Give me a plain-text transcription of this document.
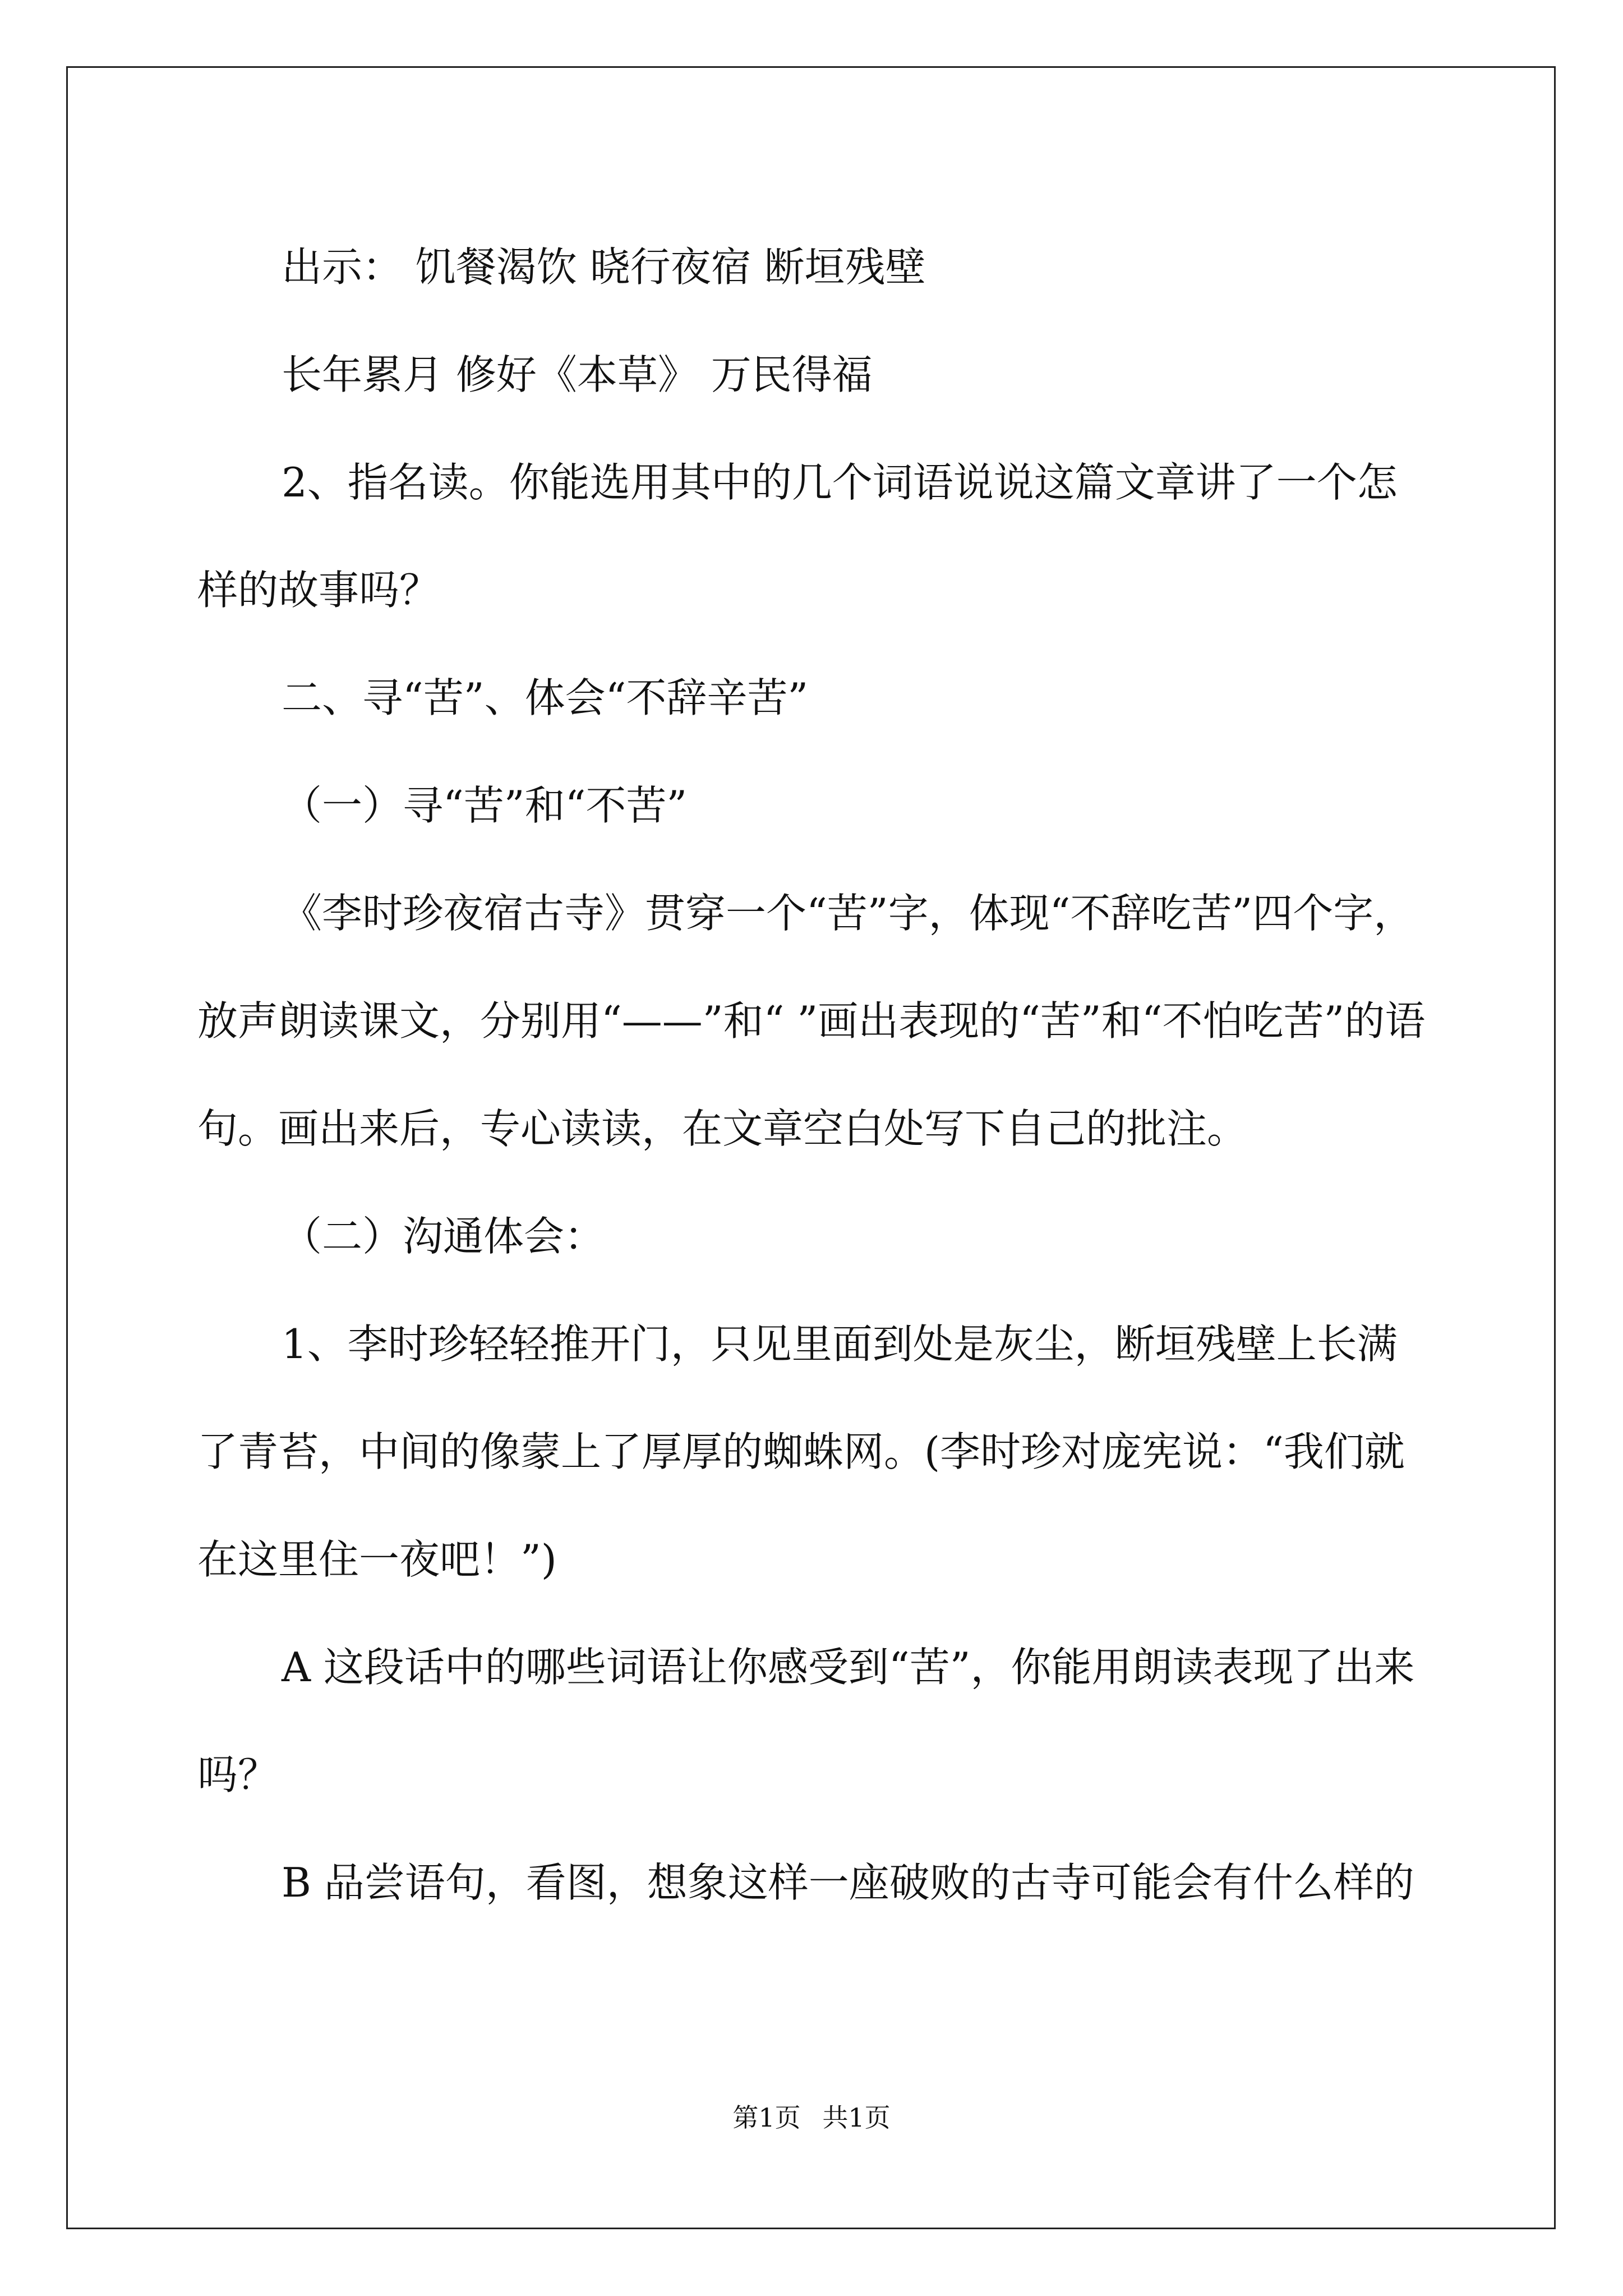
出示： 饥餐渴饮 晓行夜宿 断垣残壁

长年累月 修好《本草》 万民得福

2、指名读。你能选用其中的几个词语说说这篇文章讲了一个怎样的故事吗？

二、寻“苦”、体会“不辞辛苦”

（一）寻“苦”和“不苦”

《李时珍夜宿古寺》贯穿一个“苦”字，体现“不辞吃苦”四个字，放声朗读课文，分别用“——”和“ ”画出表现的“苦”和“不怕吃苦”的语句。画出来后，专心读读，在文章空白处写下自己的批注。

（二）沟通体会：

1、李时珍轻轻推开门，只见里面到处是灰尘，断垣残壁上长满了青苔，中间的像蒙上了厚厚的蜘蛛网。(李时珍对庞宪说：“我们就在这里住一夜吧！”)

A 这段话中的哪些词语让你感受到“苦”，你能用朗读表现了出来吗？

B 品尝语句，看图，想象这样一座破败的古寺可能会有什么样的

第1页 共1页
